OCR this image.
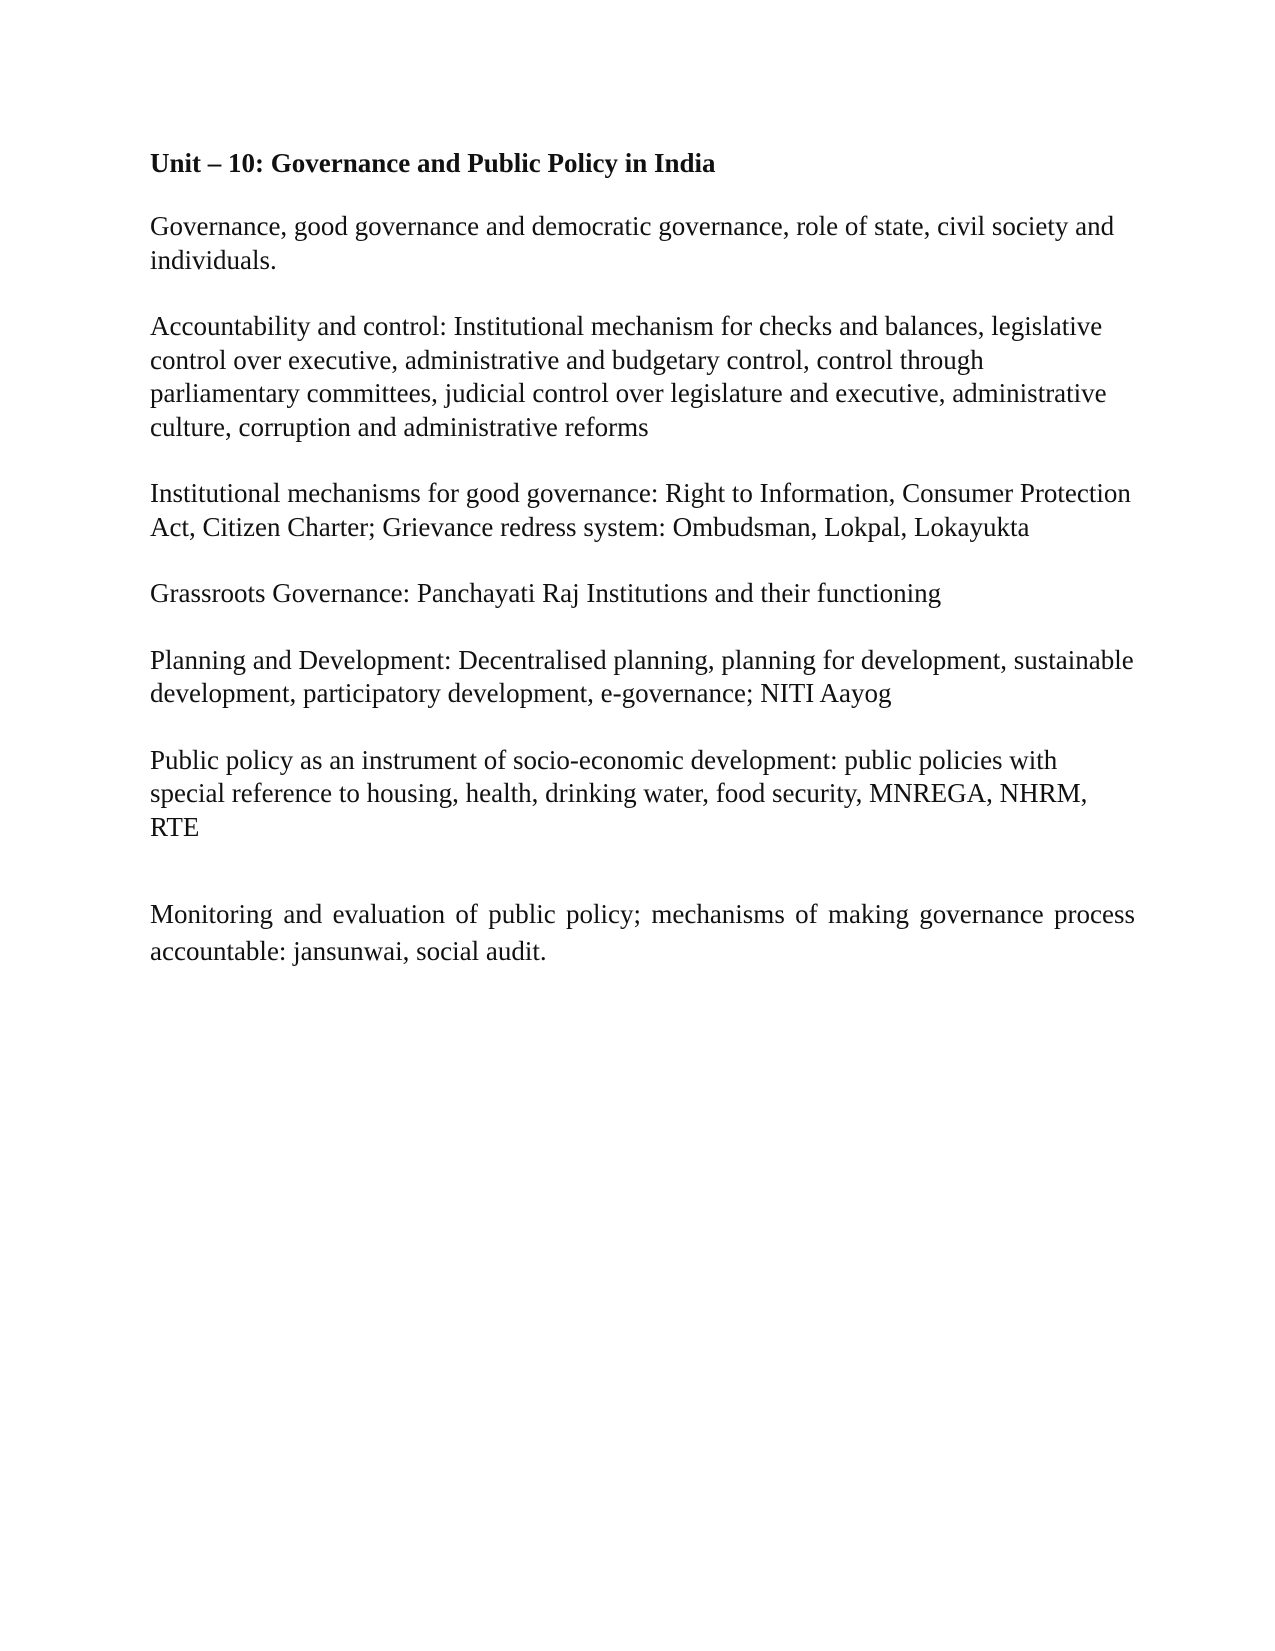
Unit – 10: Governance and Public Policy in India

Governance, good governance and democratic governance, role of state, civil society and individuals.

Accountability and control: Institutional mechanism for checks and balances, legislative control over executive, administrative and budgetary control, control through parliamentary committees, judicial control over legislature and executive, administrative culture, corruption and administrative reforms

Institutional mechanisms for good governance: Right to Information, Consumer Protection Act, Citizen Charter; Grievance redress system: Ombudsman, Lokpal, Lokayukta

Grassroots Governance: Panchayati Raj Institutions and their functioning

Planning and Development: Decentralised planning, planning for development, sustainable development, participatory development, e-governance; NITI Aayog

Public policy as an instrument of socio-economic development: public policies with special reference to housing, health, drinking water, food security, MNREGA, NHRM, RTE

Monitoring and evaluation of public policy; mechanisms of making governance process accountable: jansunwai, social audit.
